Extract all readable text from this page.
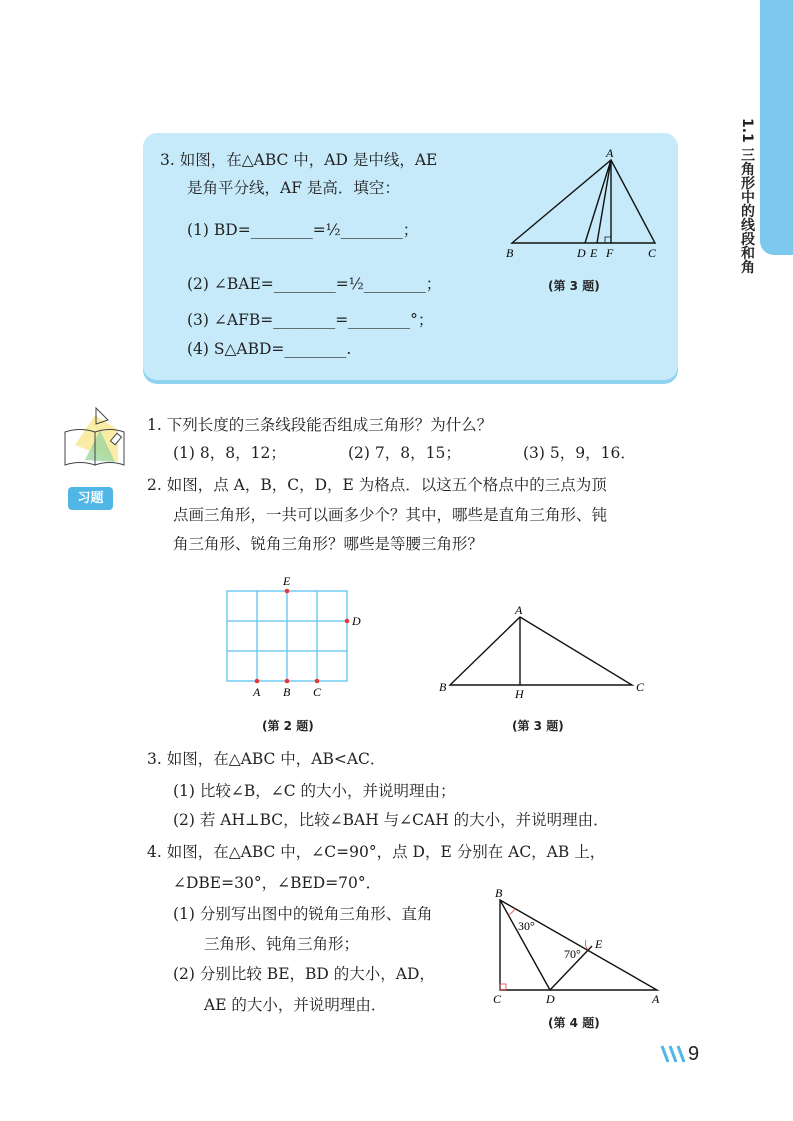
1.1 三角形中的线段和角
3. 如图，在△ABC 中，AD 是中线，AE
是角平分线，AF 是高．填空：
(1) BD=________=½________；
(2) ∠BAE=________=½________；
(3) ∠AFB=________=________°；
(4) S△ABD=________.
A
B	D E F	C
E
D
A B C
A
B	H	C
B
30°
E
70°
C	D	A
(第 3 题)
习题
1. 下列长度的三条线段能否组成三角形？为什么？
(1) 8，8，12；	(2) 7，8，15；	(3) 5，9，16．
2. 如图，点 A，B，C，D，E 为格点．以这五个格点中的三点为顶
点画三角形，一共可以画多少个？其中，哪些是直角三角形、钝
角三角形、锐角三角形？哪些是等腰三角形？
(第 2 题)	(第 3 题)
3. 如图，在△ABC 中，AB<AC．
(1) 比较∠B，∠C 的大小，并说明理由；
(2) 若 AH⊥BC，比较∠BAH 与∠CAH 的大小，并说明理由．
4. 如图，在△ABC 中，∠C=90°，点 D，E 分别在 AC，AB 上，
∠DBE=30°，∠BED=70°．
(1) 分别写出图中的锐角三角形、直角
三角形、钝角三角形；
(2) 分别比较 BE，BD 的大小，AD，
AE 的大小，并说明理由．
(第 4 题)
9
